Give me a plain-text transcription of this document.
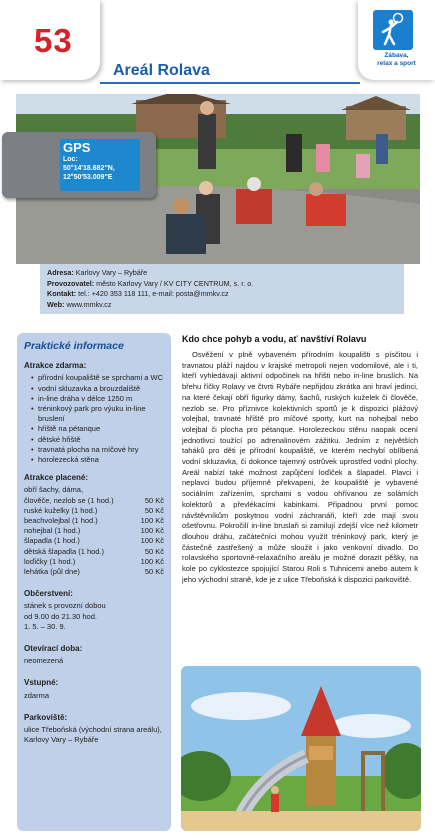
53
Areál Rolava
Zábava,
relax a sport
GPS
Loc:
50°14'18.682"N,
12°50'53.009"E
Adresa: Karlovy Vary – Rybáře
Provozovatel: město Karlovy Vary / KV CITY CENTRUM, s. r. o.
Kontakt: tel.: +420 353 118 111, e-mail: posta@mmkv.cz
Web: www.mmkv.cz
Praktické informace
Atrakce zdarma:
• přírodní koupaliště se sprchami a WC
• vodní skluzavka a brouzdaliště
• in-line dráha v délce 1250 m
• tréninkový park pro výuku in-line bruslení
• hřiště na pétanque
• dětské hřiště
• travnatá plocha na míčové hry
• horolezecká stěna
Atrakce placené:
obří šachy, dáma,
člověče, nezlob se (1 hod.)	50 Kč
ruské kuželky (1 hod.)	50 Kč
beachvolejbal (1 hod.)	100 Kč
nohejbal (1 hod.)	100 Kč
šlapadla (1 hod.)	100 Kč
dětská šlapadla (1 hod.)	50 Kč
loďičky (1 hod.)	100 Kč
lehátka (půl dne)	50 Kč
Občerstvení:
stánek s provozní dobou
od 9.00 do 21.30 hod.
1. 5. – 30. 9.
Otevírací doba:
neomezená
Vstupné:
zdarma
Parkoviště:
ulice Třeboňská (východní strana areálu), Karlovy Vary – Rybáře
Kdo chce pohyb a vodu, ať navštíví Rolavu
Osvěžení v plně vybaveném přírodním koupališti s písčitou i travnatou pláží najdou v krajské metropoli nejen vodomilové, ale i ti, kteří vyhledávají aktivní odpočinek na hřišti nebo in-line bruslích. Na břehu říčky Rolavy ve čtvrti Rybáře nepřijdou zkrátka ani hraví jedinci, na které čekají obří figurky dámy, šachů, ruských kuželek či člověče, nezlob se. Pro příznivce kolektivních sportů je k dispozici plážový volejbal, travnaté hřiště pro míčové sporty, kurt na nohejbal nebo volejbal či plocha pro pétanque. Horolezeckou stěnu naopak ocení jednotlivci toužící po adrenalinovém zážitku. Jedním z největších taháků pro děti je přírodní koupaliště, ve kterém nechybí oblíbená vodní skluzavka, či dokonce tajemný ostrůvek uprostřed vodní plochy. Areál nabízí také možnost zapůjčení loďiček a šlapadel. Plavci i neplavci budou příjemně překvapeni, že koupaliště je vybavené sociálním zařízením, sprchami s vodou ohřívanou ze solárních kolektorů a převlékacími kabinkami. Připadnou první pomoc návštěvníkům poskytnou vodní záchranáři, kteří zde mají svou ošetřovnu. Pokročilí in-line bruslaři si zamilují zdejší více než kilometr dlouhou dráhu, začátečníci mohou využít tréninkový park, který je částečně zastřešený a může sloužit i jako venkovní divadlo. Do rolavského sportovně-relaxačního areálu je možné dorazit pěšky, na kole po cyklostezce spojující Starou Roli s Tuhnicemi anebo autem k jeho východní straně, kde je z ulice Třeboňská k dispozici parkoviště.
